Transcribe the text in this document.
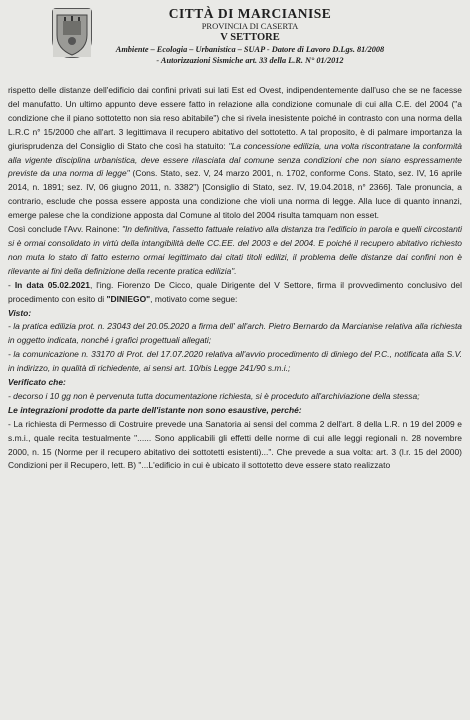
CITTÀ DI MARCIANISE
PROVINCIA DI CASERTA
V SETTORE
Ambiente – Ecologia – Urbanistica – SUAP - Datore di Lavoro D.Lgs. 81/2008
- Autorizzazioni Sismiche art. 33 della L.R. N° 01/2012

rispetto delle distanze dell'edificio dai confini privati sui lati Est ed Ovest, indipendentemente dall'uso che se ne facesse del manufatto. Un ultimo appunto deve essere fatto in relazione alla condizione comunale di cui alla C.E. del 2004 ("a condizione che il piano sottotetto non sia reso abitabile") che si rivela inesistente poiché in contrasto con una norma della L.R.C n° 15/2000 che all'art. 3 legittimava il recupero abitativo del sottotetto. A tal proposito, è di palmare importanza la giurisprudenza del Consiglio di Stato che così ha statuito: "La concessione edilizia, una volta riscontratane la conformità alla vigente disciplina urbanistica, deve essere rilasciata dal comune senza condizioni che non siano espressamente previste da una norma di legge" (Cons. Stato, sez. V, 24 marzo 2001, n. 1702, conforme Cons. Stato, sez. IV, 16 aprile 2014, n. 1891; sez. IV, 06 giugno 2011, n. 3382") [Consiglio di Stato, sez. IV, 19.04.2018, n° 2366]. Tale pronuncia, a contrario, esclude che possa essere apposta una condizione che violi una norma di legge. Alla luce di quanto innanzi, emerge palese che la condizione apposta dal Comune al titolo del 2004 risulta tamquam non esset.

Così conclude l'Avv. Rainone: "In definitiva, l'assetto fattuale relativo alla distanza tra l'edificio in parola e quelli circostanti si è ormai consolidato in virtù della intangibilità delle CC.EE. del 2003 e del 2004. E poiché il recupero abitativo richiesto non muta lo stato di fatto esterno ormai legittimato dai citati titoli edilizi, il problema delle distanze dai confini non è rilevante ai fini della definizione della recente pratica edilizia".

- In data 05.02.2021, l'ing. Fiorenzo De Cicco, quale Dirigente del V Settore, firma il provvedimento conclusivo del procedimento con esito di "DINIEGO", motivato come segue:

Visto:

- la pratica edilizia prot. n. 23043 del 20.05.2020 a firma dell' all'arch. Pietro Bernardo da Marcianise relativa alla richiesta in oggetto indicata, nonché i grafici progettuali allegati;

- la comunicazione n. 33170 di Prot. del 17.07.2020 relativa all'avvio procedimento di diniego del P.C., notificata alla S.V. in indirizzo, in qualità di richiedente, ai sensi art. 10/bis Legge 241/90 s.m.i.;

Verificato che:

- decorso i 10 gg non è pervenuta tutta documentazione richiesta, si è proceduto all'archiviazione della stessa;

Le integrazioni prodotte da parte dell'istante non sono esaustive, perché:

- La richiesta di Permesso di Costruire prevede una Sanatoria ai sensi del comma 2 dell'art. 8 della L.R. n 19 del 2009 e s.m.i., quale recita testualmente "...... Sono applicabili gli effetti delle norme di cui alle leggi regionali n. 28 novembre 2000, n. 15 (Norme per il recupero abitativo dei sottotetti esistenti)...". Che prevede a sua volta: art. 3 (l.r. 15 del 2000) Condizioni per il Recupero, lett. B) "...L'edificio in cui è ubicato il sottotetto deve essere stato realizzato
